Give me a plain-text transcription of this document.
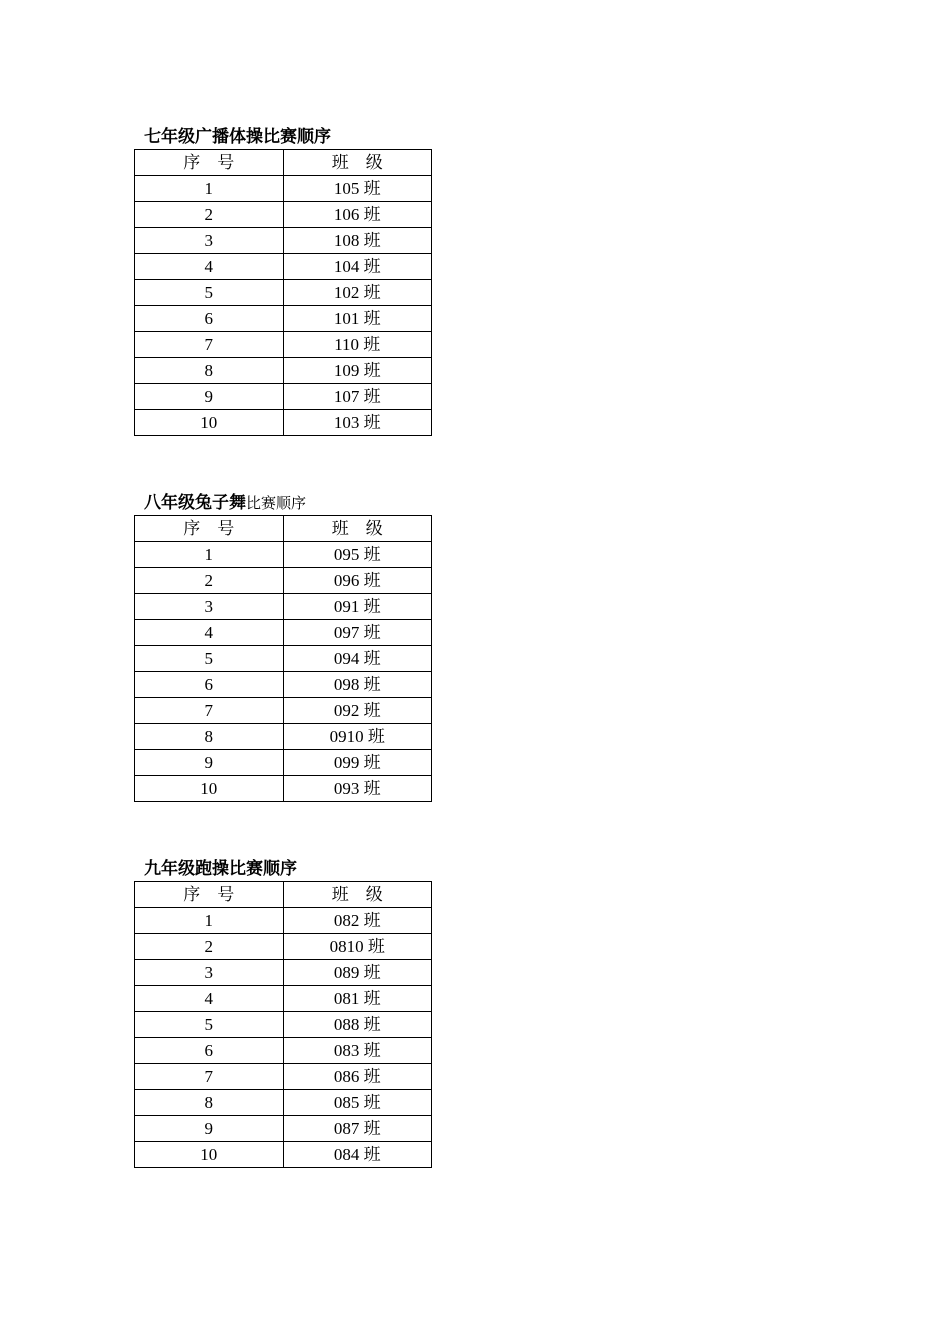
七年级广播体操比赛顺序
序　号	班　级
1	105 班
2	106 班
3	108 班
4	104 班
5	102 班
6	101 班
7	110 班
8	109 班
9	107 班
10	103 班
八年级兔子舞比赛顺序
序　号	班　级
1	095 班
2	096 班
3	091 班
4	097 班
5	094 班
6	098 班
7	092 班
8	0910 班
9	099 班
10	093 班
九年级跑操比赛顺序
序　号	班　级
1	082 班
2	0810 班
3	089 班
4	081 班
5	088 班
6	083 班
7	086 班
8	085 班
9	087 班
10	084 班
